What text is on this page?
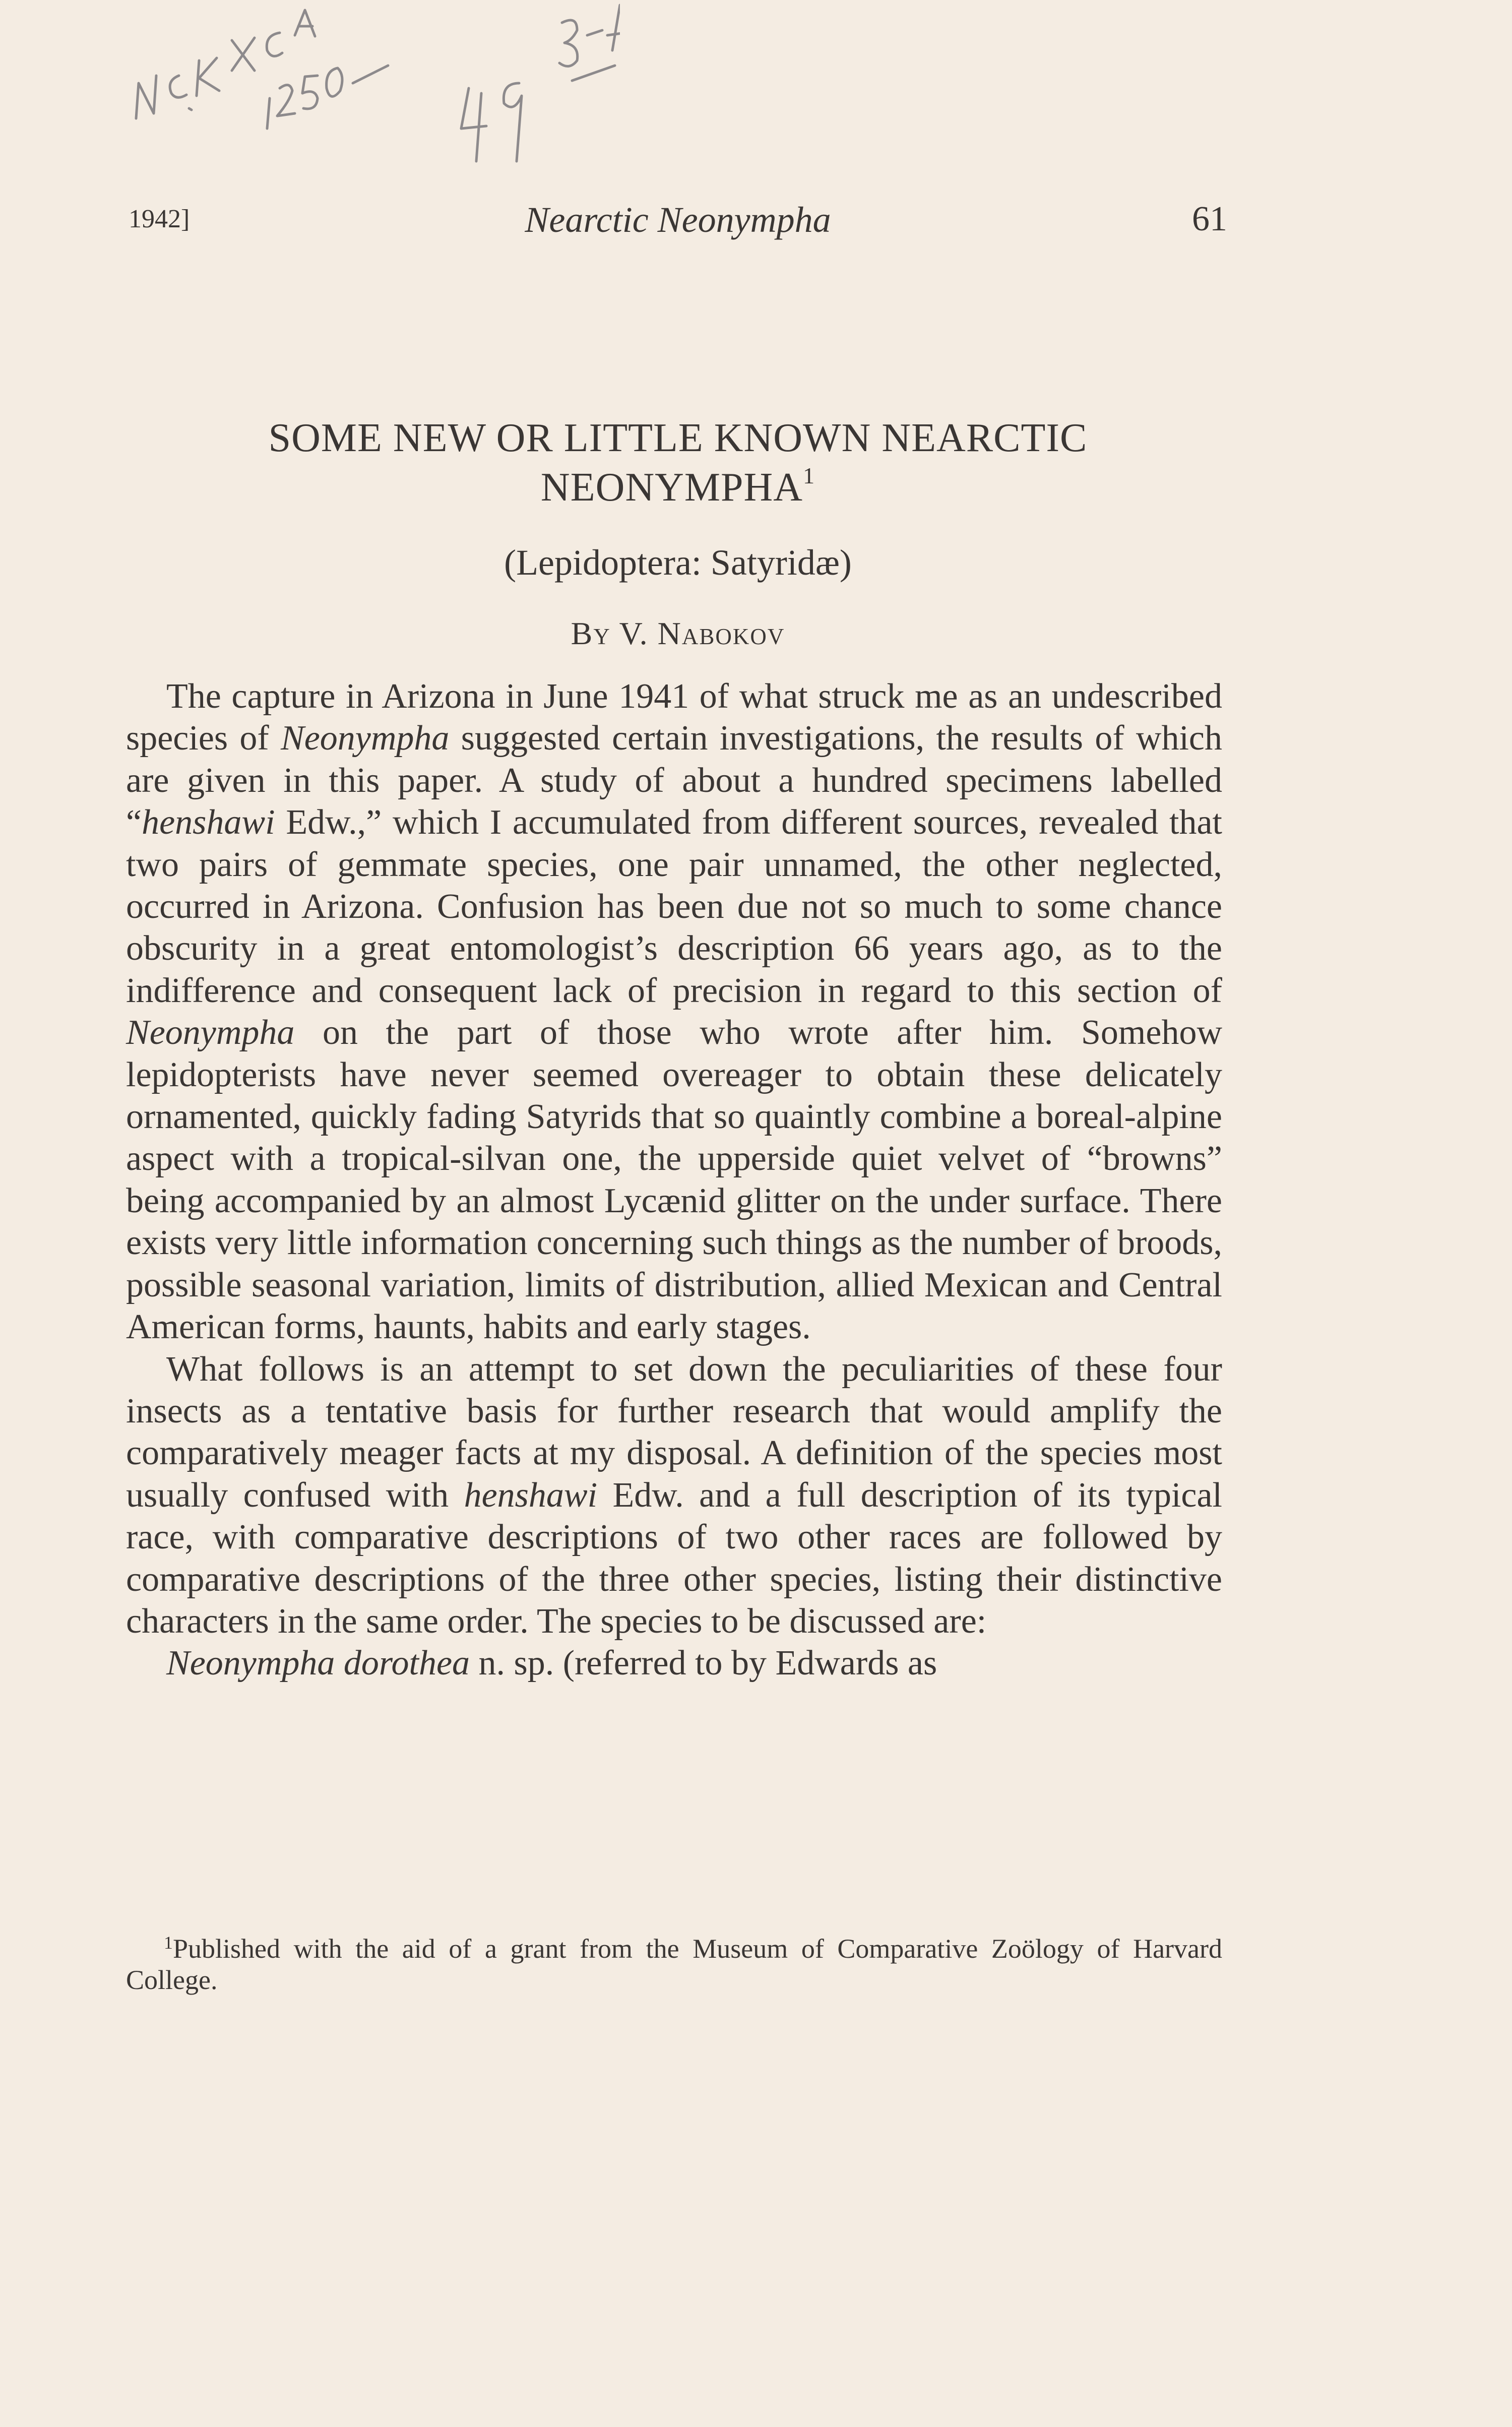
1942]	Nearctic Neonympha	61
SOME NEW OR LITTLE KNOWN NEARCTIC
NEONYMPHA$^1$
(Lepidoptera: Satyridæ)
By V. Nabokov

The capture in Arizona in June 1941 of what struck me as an undescribed species of Neonympha suggested certain investigations, the results of which are given in this paper. A study of about a hundred specimens labelled “henshawi Edw.,” which I accumulated from different sources, revealed that two pairs of gemmate species, one pair unnamed, the other neglected, occurred in Arizona. Confusion has been due not so much to some chance obscurity in a great entomologist’s description 66 years ago, as to the indifference and consequent lack of precision in regard to this section of Neonympha on the part of those who wrote after him. Somehow lepidopterists have never seemed overeager to obtain these delicately ornamented, quickly fading Satyrids that so quaintly combine a boreal-alpine aspect with a tropical-silvan one, the upperside quiet velvet of “browns” being accompanied by an almost Lycænid glitter on the under surface. There exists very little information concerning such things as the number of broods, possible seasonal variation, limits of distribution, allied Mexican and Central American forms, haunts, habits and early stages.

What follows is an attempt to set down the peculiarities of these four insects as a tentative basis for further research that would amplify the comparatively meager facts at my disposal. A definition of the species most usually confused with henshawi Edw. and a full description of its typical race, with comparative descriptions of two other races are followed by comparative descriptions of the three other species, listing their distinctive characters in the same order. The species to be discussed are:

Neonympha dorothea n. sp. (referred to by Edwards as

$^1$Published with the aid of a grant from the Museum of Comparative Zoölogy of Harvard College.
